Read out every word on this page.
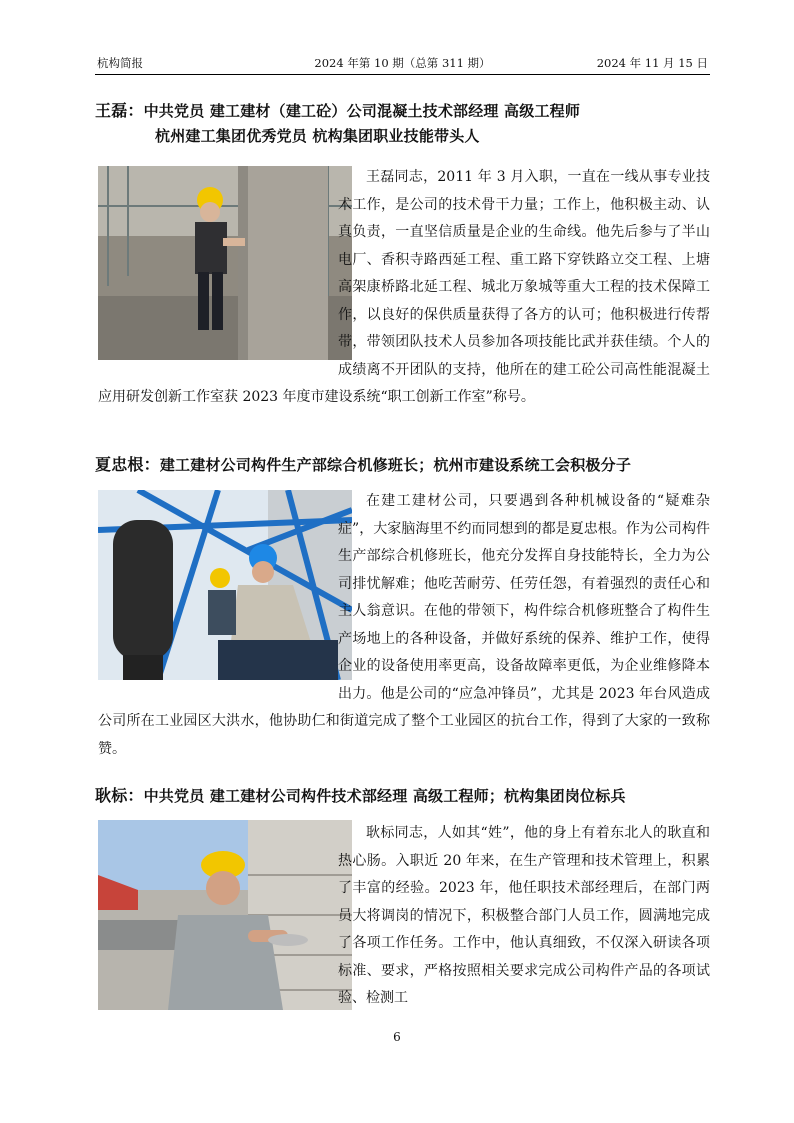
杭构简报	2024 年第 10 期（总第 311 期）	2024 年 11 月 15 日
王磊：中共党员 建工建材（建工砼）公司混凝土技术部经理 高级工程师
杭州建工集团优秀党员 杭构集团职业技能带头人
王磊同志，2011 年 3 月入职，一直在一线从事专业技术工作，是公司的技术骨干力量；工作上，他积极主动、认真负责，一直坚信质量是企业的生命线。他先后参与了半山电厂、香积寺路西延工程、重工路下穿铁路立交工程、上塘高架康桥路北延工程、城北万象城等重大工程的技术保障工作，以良好的保供质量获得了各方的认可；他积极进行传帮带，带领团队技术人员参加各项技能比武并获佳绩。个人的成绩离不开团队的支持，他所在的建工砼公司高性能混凝土应用研发创新工作室获 2023 年度市建设系统“职工创新工作室”称号。
夏忠根：建工建材公司构件生产部综合机修班长；杭州市建设系统工会积极分子
在建工建材公司，只要遇到各种机械设备的“疑难杂症”，大家脑海里不约而同想到的都是夏忠根。作为公司构件生产部综合机修班长，他充分发挥自身技能特长，全力为公司排忧解难；他吃苦耐劳、任劳任怨，有着强烈的责任心和主人翁意识。在他的带领下，构件综合机修班整合了构件生产场地上的各种设备，并做好系统的保养、维护工作，使得企业的设备使用率更高，设备故障率更低，为企业维修降本出力。他是公司的“应急冲锋员”，尤其是 2023 年台风造成公司所在工业园区大洪水，他协助仁和街道完成了整个工业园区的抗台工作，得到了大家的一致称赞。
耿标：中共党员 建工建材公司构件技术部经理 高级工程师；杭构集团岗位标兵
耿标同志，人如其“姓”，他的身上有着东北人的耿直和热心肠。入职近 20 年来，在生产管理和技术管理上，积累了丰富的经验。2023 年，他任职技术部经理后，在部门两员大将调岗的情况下，积极整合部门人员工作，圆满地完成了各项工作任务。工作中，他认真细致，不仅深入研读各项标准、要求，严格按照相关要求完成公司构件产品的各项试验、检测工
6
